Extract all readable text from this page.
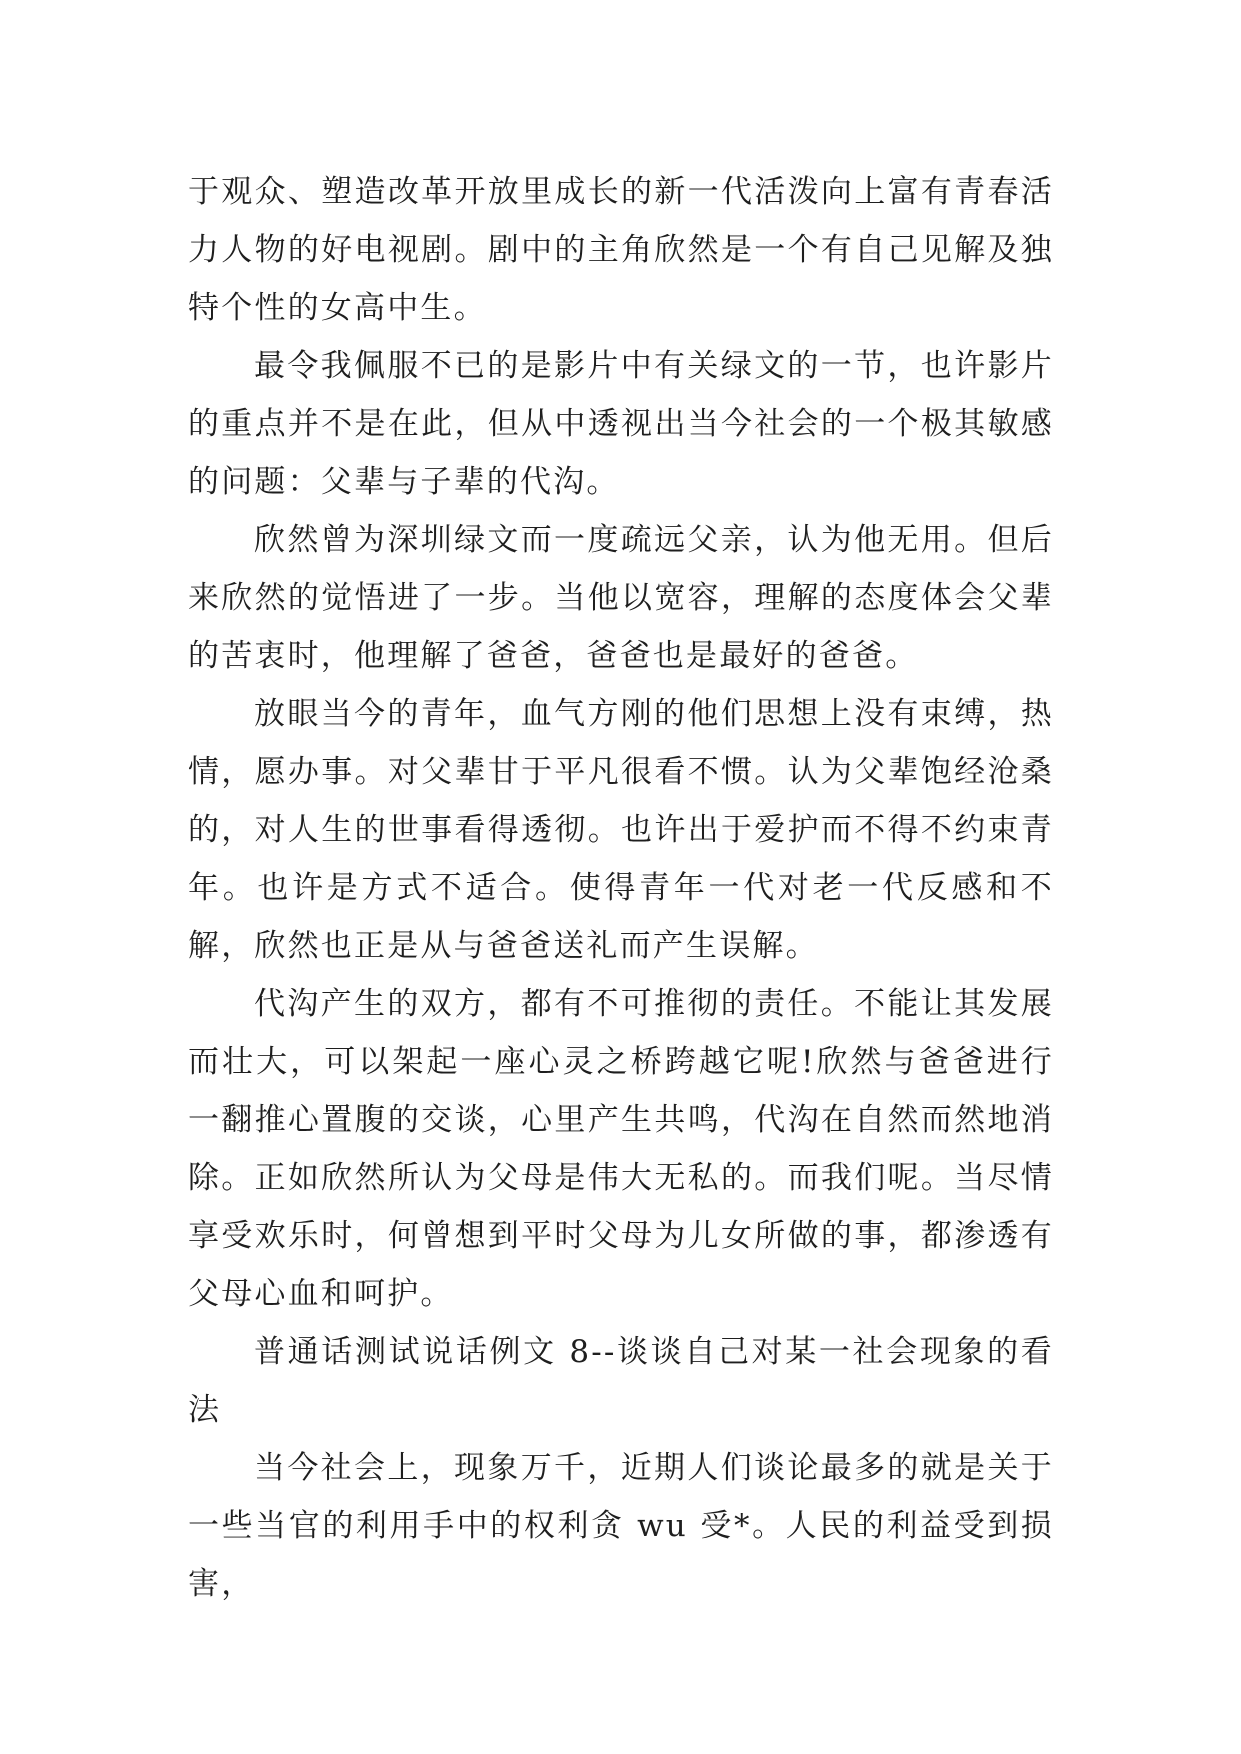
于观众、塑造改革开放里成长的新一代活泼向上富有青春活力人物的好电视剧。剧中的主角欣然是一个有自己见解及独特个性的女高中生。

最令我佩服不已的是影片中有关绿文的一节，也许影片的重点并不是在此，但从中透视出当今社会的一个极其敏感的问题：父辈与子辈的代沟。

欣然曾为深圳绿文而一度疏远父亲，认为他无用。但后来欣然的觉悟进了一步。当他以宽容，理解的态度体会父辈的苦衷时，他理解了爸爸，爸爸也是最好的爸爸。

放眼当今的青年，血气方刚的他们思想上没有束缚，热情，愿办事。对父辈甘于平凡很看不惯。认为父辈饱经沧桑的，对人生的世事看得透彻。也许出于爱护而不得不约束青年。也许是方式不适合。使得青年一代对老一代反感和不解，欣然也正是从与爸爸送礼而产生误解。

代沟产生的双方，都有不可推彻的责任。不能让其发展而壮大，可以架起一座心灵之桥跨越它呢!欣然与爸爸进行一翻推心置腹的交谈，心里产生共鸣，代沟在自然而然地消除。正如欣然所认为父母是伟大无私的。而我们呢。当尽情享受欢乐时，何曾想到平时父母为儿女所做的事，都渗透有父母心血和呵护。

普通话测试说话例文 8--谈谈自己对某一社会现象的看法

当今社会上，现象万千，近期人们谈论最多的就是关于一些当官的利用手中的权利贪 wu 受*。人民的利益受到损害，
